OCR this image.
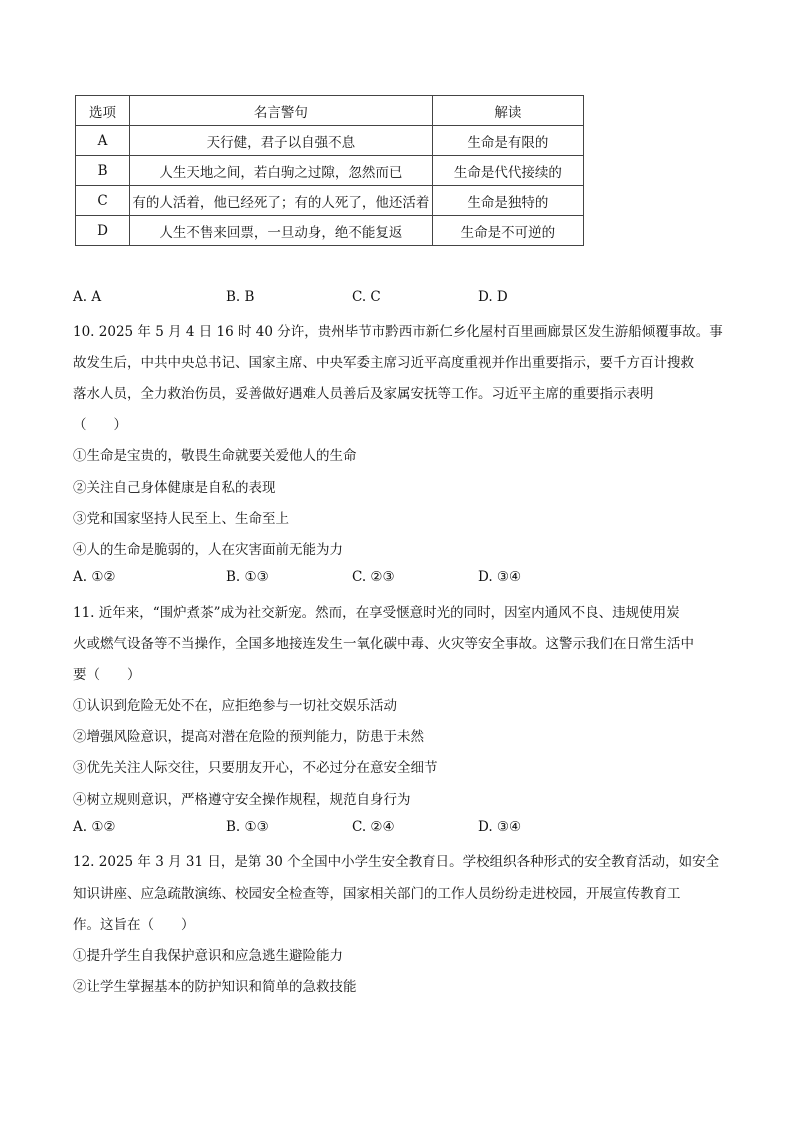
选项	名言警句	解读
A	天行健，君子以自强不息	生命是有限的
B	人生天地之间，若白驹之过隙，忽然而已	生命是代代接续的
C	有的人活着，他已经死了；有的人死了，他还活着	生命是独特的
D	人生不售来回票，一旦动身，绝不能复返	生命是不可逆的
A. A	B. B	C. C	D. D
10. 2025 年 5 月 4 日 16 时 40 分许，贵州毕节市黔西市新仁乡化屋村百里画廊景区发生游船倾覆事故。事
故发生后，中共中央总书记、国家主席、中央军委主席习近平高度重视并作出重要指示，要千方百计搜救
落水人员，全力救治伤员，妥善做好遇难人员善后及家属安抚等工作。习近平主席的重要指示表明
（　　）
①生命是宝贵的，敬畏生命就要关爱他人的生命
②关注自己身体健康是自私的表现
③党和国家坚持人民至上、生命至上
④人的生命是脆弱的，人在灾害面前无能为力
A. ①②	B. ①③	C. ②③	D. ③④
11. 近年来，“围炉煮茶”成为社交新宠。然而，在享受惬意时光的同时，因室内通风不良、违规使用炭
火或燃气设备等不当操作，全国多地接连发生一氧化碳中毒、火灾等安全事故。这警示我们在日常生活中
要（　　）
①认识到危险无处不在，应拒绝参与一切社交娱乐活动
②增强风险意识，提高对潜在危险的预判能力，防患于未然
③优先关注人际交往，只要朋友开心，不必过分在意安全细节
④树立规则意识，严格遵守安全操作规程，规范自身行为
A. ①②	B. ①③	C. ②④	D. ③④
12. 2025 年 3 月 31 日，是第 30 个全国中小学生安全教育日。学校组织各种形式的安全教育活动，如安全
知识讲座、应急疏散演练、校园安全检查等，国家相关部门的工作人员纷纷走进校园，开展宣传教育工
作。这旨在（　　）
①提升学生自我保护意识和应急逃生避险能力
②让学生掌握基本的防护知识和简单的急救技能
